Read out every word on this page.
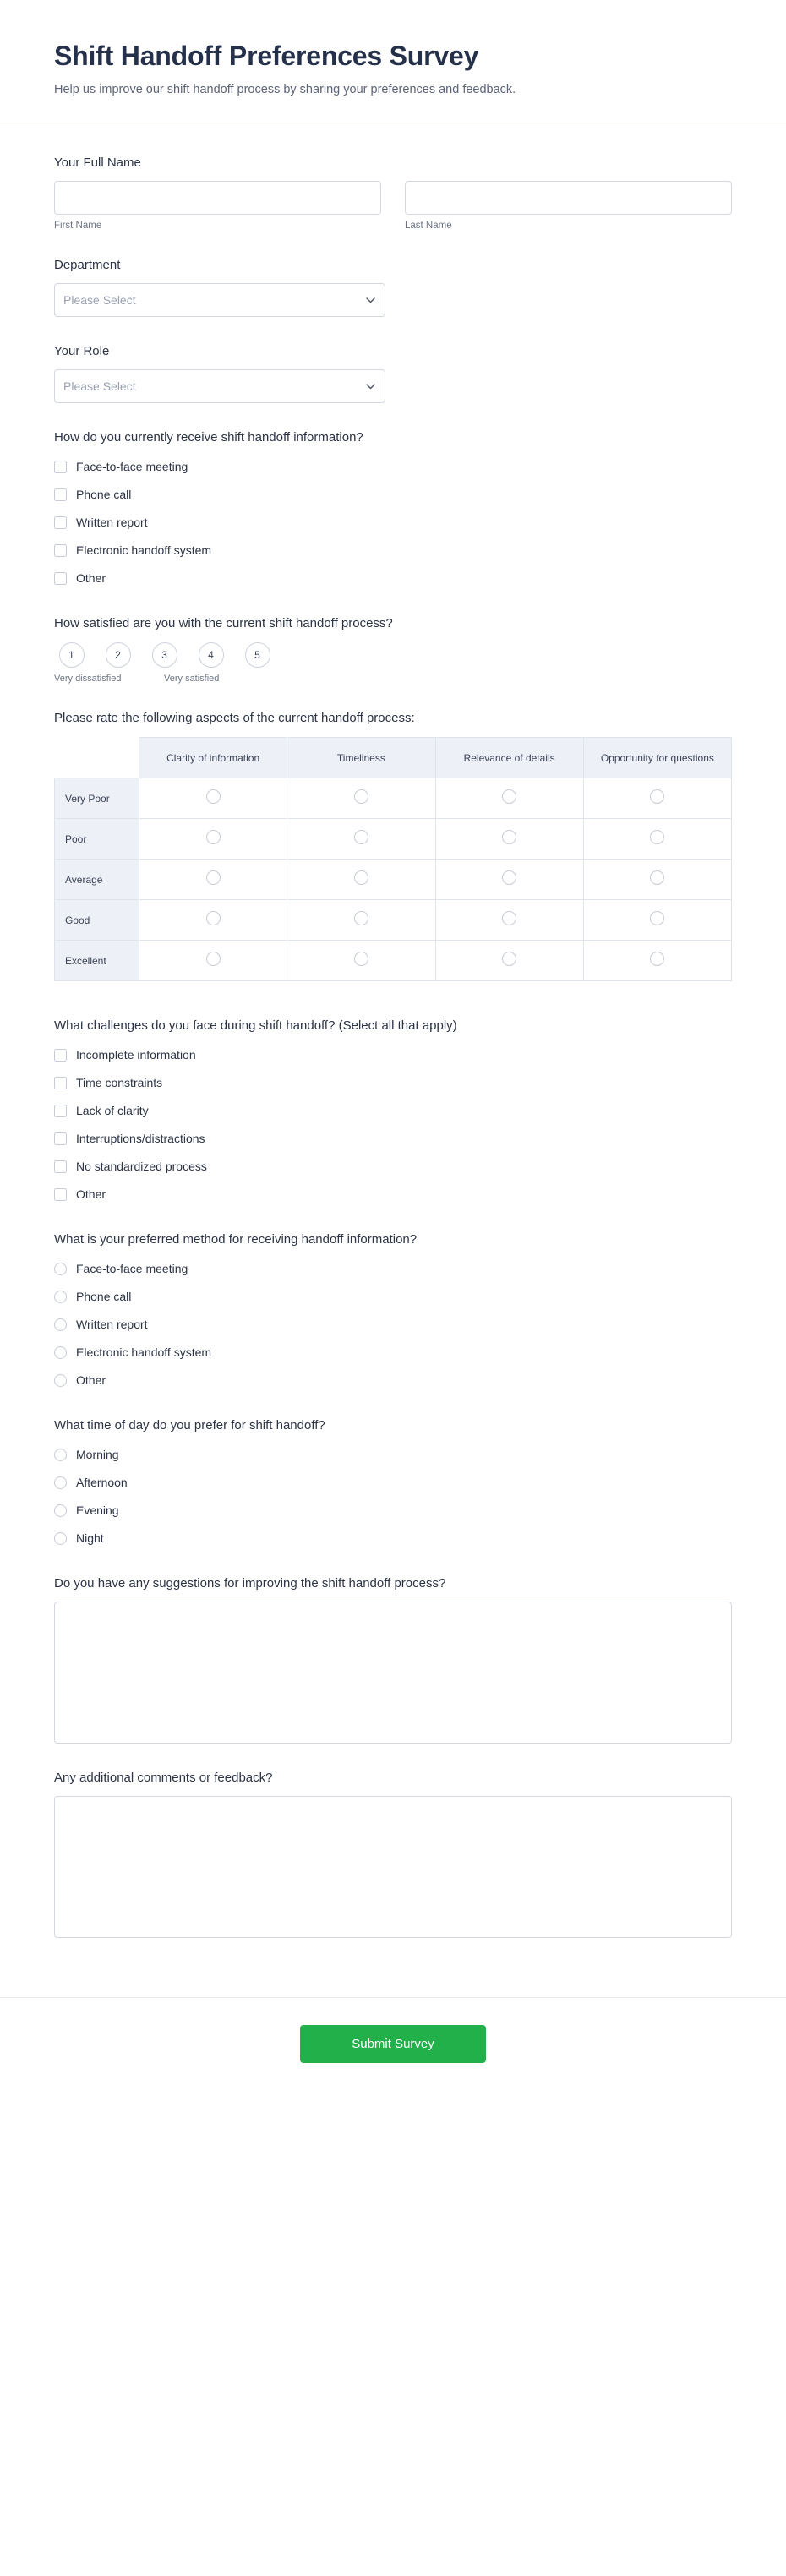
Shift Handoff Preferences Survey

Help us improve our shift handoff process by sharing your preferences and feedback.

Your Full Name
First Name	Last Name
Department
Please Select
Your Role
Please Select
How do you currently receive shift handoff information?
Face-to-face meeting
Phone call
Written report
Electronic handoff system
Other
How satisfied are you with the current shift handoff process?
1	2	3	4	5
Very dissatisfied	Very satisfied
Please rate the following aspects of the current handoff process:
	Clarity of information	Timeliness	Relevance of details	Opportunity for questions
Very Poor				
Poor				
Average				
Good				
Excellent				
What challenges do you face during shift handoff? (Select all that apply)
Incomplete information
Time constraints
Lack of clarity
Interruptions/distractions
No standardized process
Other
What is your preferred method for receiving handoff information?
Face-to-face meeting
Phone call
Written report
Electronic handoff system
Other
What time of day do you prefer for shift handoff?
Morning
Afternoon
Evening
Night
Do you have any suggestions for improving the shift handoff process?
Any additional comments or feedback?
Submit Survey
